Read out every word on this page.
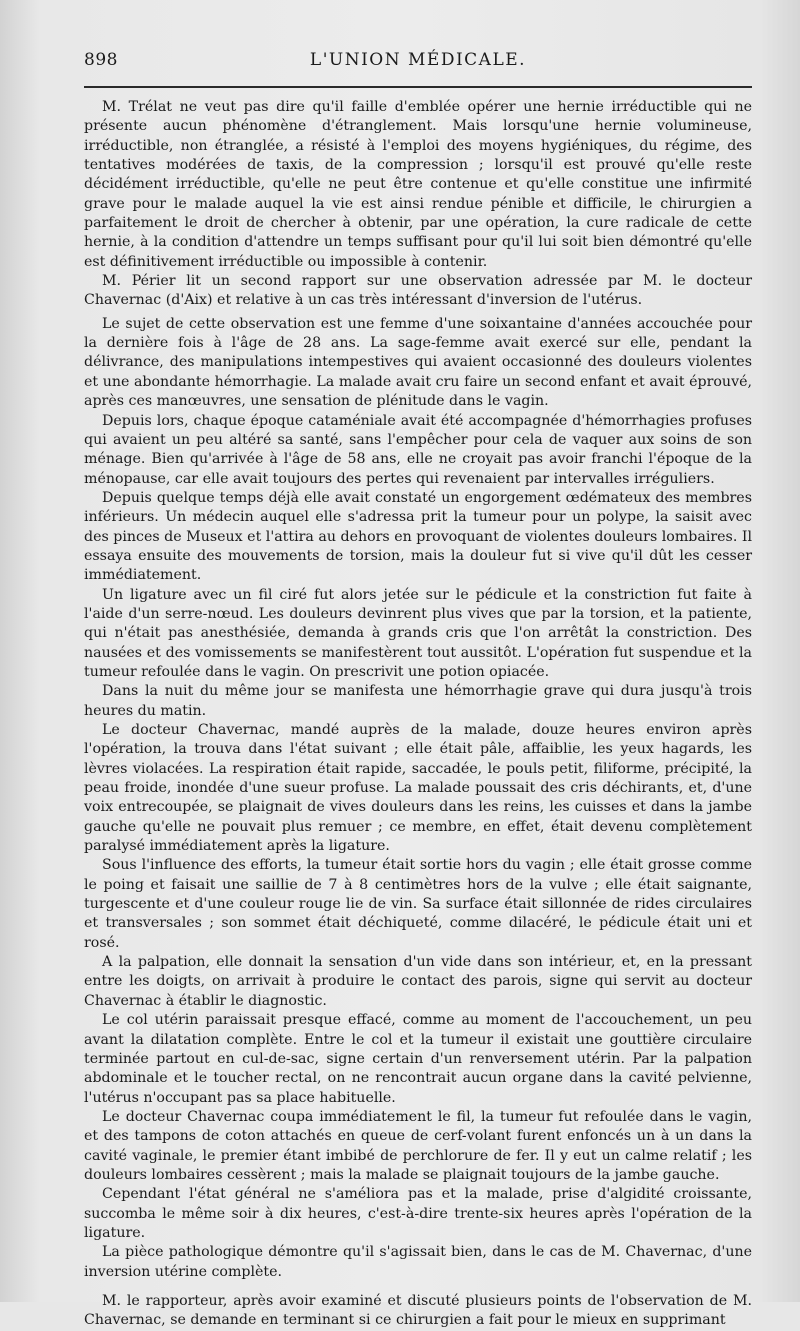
898	L'UNION MÉDICALE.

M. Trélat ne veut pas dire qu'il faille d'emblée opérer une hernie irréductible qui ne présente aucun phénomène d'étranglement. Mais lorsqu'une hernie volumineuse, irréductible, non étranglée, a résisté à l'emploi des moyens hygiéniques, du régime, des tentatives modérées de taxis, de la compression ; lorsqu'il est prouvé qu'elle reste décidément irréductible, qu'elle ne peut être contenue et qu'elle constitue une infirmité grave pour le malade auquel la vie est ainsi rendue pénible et difficile, le chirurgien a parfaitement le droit de chercher à obtenir, par une opération, la cure radicale de cette hernie, à la condition d'attendre un temps suffisant pour qu'il lui soit bien démontré qu'elle est définitivement irréductible ou impossible à contenir.

M. Périer lit un second rapport sur une observation adressée par M. le docteur Chavernac (d'Aix) et relative à un cas très intéressant d'inversion de l'utérus.

Le sujet de cette observation est une femme d'une soixantaine d'années accouchée pour la dernière fois à l'âge de 28 ans. La sage-femme avait exercé sur elle, pendant la délivrance, des manipulations intempestives qui avaient occasionné des douleurs violentes et une abondante hémorrhagie. La malade avait cru faire un second enfant et avait éprouvé, après ces manœuvres, une sensation de plénitude dans le vagin.

Depuis lors, chaque époque cataméniale avait été accompagnée d'hémorrhagies profuses qui avaient un peu altéré sa santé, sans l'empêcher pour cela de vaquer aux soins de son ménage. Bien qu'arrivée à l'âge de 58 ans, elle ne croyait pas avoir franchi l'époque de la ménopause, car elle avait toujours des pertes qui revenaient par intervalles irréguliers.

Depuis quelque temps déjà elle avait constaté un engorgement œdémateux des membres inférieurs. Un médecin auquel elle s'adressa prit la tumeur pour un polype, la saisit avec des pinces de Museux et l'attira au dehors en provoquant de violentes douleurs lombaires. Il essaya ensuite des mouvements de torsion, mais la douleur fut si vive qu'il dût les cesser immédiatement.

Un ligature avec un fil ciré fut alors jetée sur le pédicule et la constriction fut faite à l'aide d'un serre-nœud. Les douleurs devinrent plus vives que par la torsion, et la patiente, qui n'était pas anesthésiée, demanda à grands cris que l'on arrêtât la constriction. Des nausées et des vomissements se manifestèrent tout aussitôt. L'opération fut suspendue et la tumeur refoulée dans le vagin. On prescrivit une potion opiacée.

Dans la nuit du même jour se manifesta une hémorrhagie grave qui dura jusqu'à trois heures du matin.

Le docteur Chavernac, mandé auprès de la malade, douze heures environ après l'opération, la trouva dans l'état suivant ; elle était pâle, affaiblie, les yeux hagards, les lèvres violacées. La respiration était rapide, saccadée, le pouls petit, filiforme, précipité, la peau froide, inondée d'une sueur profuse. La malade poussait des cris déchirants, et, d'une voix entrecoupée, se plaignait de vives douleurs dans les reins, les cuisses et dans la jambe gauche qu'elle ne pouvait plus remuer ; ce membre, en effet, était devenu complètement paralysé immédiatement après la ligature.

Sous l'influence des efforts, la tumeur était sortie hors du vagin ; elle était grosse comme le poing et faisait une saillie de 7 à 8 centimètres hors de la vulve ; elle était saignante, turgescente et d'une couleur rouge lie de vin. Sa surface était sillonnée de rides circulaires et transversales ; son sommet était déchiqueté, comme dilacéré, le pédicule était uni et rosé.

A la palpation, elle donnait la sensation d'un vide dans son intérieur, et, en la pressant entre les doigts, on arrivait à produire le contact des parois, signe qui servit au docteur Chavernac à établir le diagnostic.

Le col utérin paraissait presque effacé, comme au moment de l'accouchement, un peu avant la dilatation complète. Entre le col et la tumeur il existait une gouttière circulaire terminée partout en cul-de-sac, signe certain d'un renversement utérin. Par la palpation abdominale et le toucher rectal, on ne rencontrait aucun organe dans la cavité pelvienne, l'utérus n'occupant pas sa place habituelle.

Le docteur Chavernac coupa immédiatement le fil, la tumeur fut refoulée dans le vagin, et des tampons de coton attachés en queue de cerf-volant furent enfoncés un à un dans la cavité vaginale, le premier étant imbibé de perchlorure de fer. Il y eut un calme relatif ; les douleurs lombaires cessèrent ; mais la malade se plaignait toujours de la jambe gauche.

Cependant l'état général ne s'améliora pas et la malade, prise d'algidité croissante, succomba le même soir à dix heures, c'est-à-dire trente-six heures après l'opération de la ligature.

La pièce pathologique démontre qu'il s'agissait bien, dans le cas de M. Chavernac, d'une inversion utérine complète.

M. le rapporteur, après avoir examiné et discuté plusieurs points de l'observation de M. Chavernac, se demande en terminant si ce chirurgien a fait pour le mieux en supprimant
